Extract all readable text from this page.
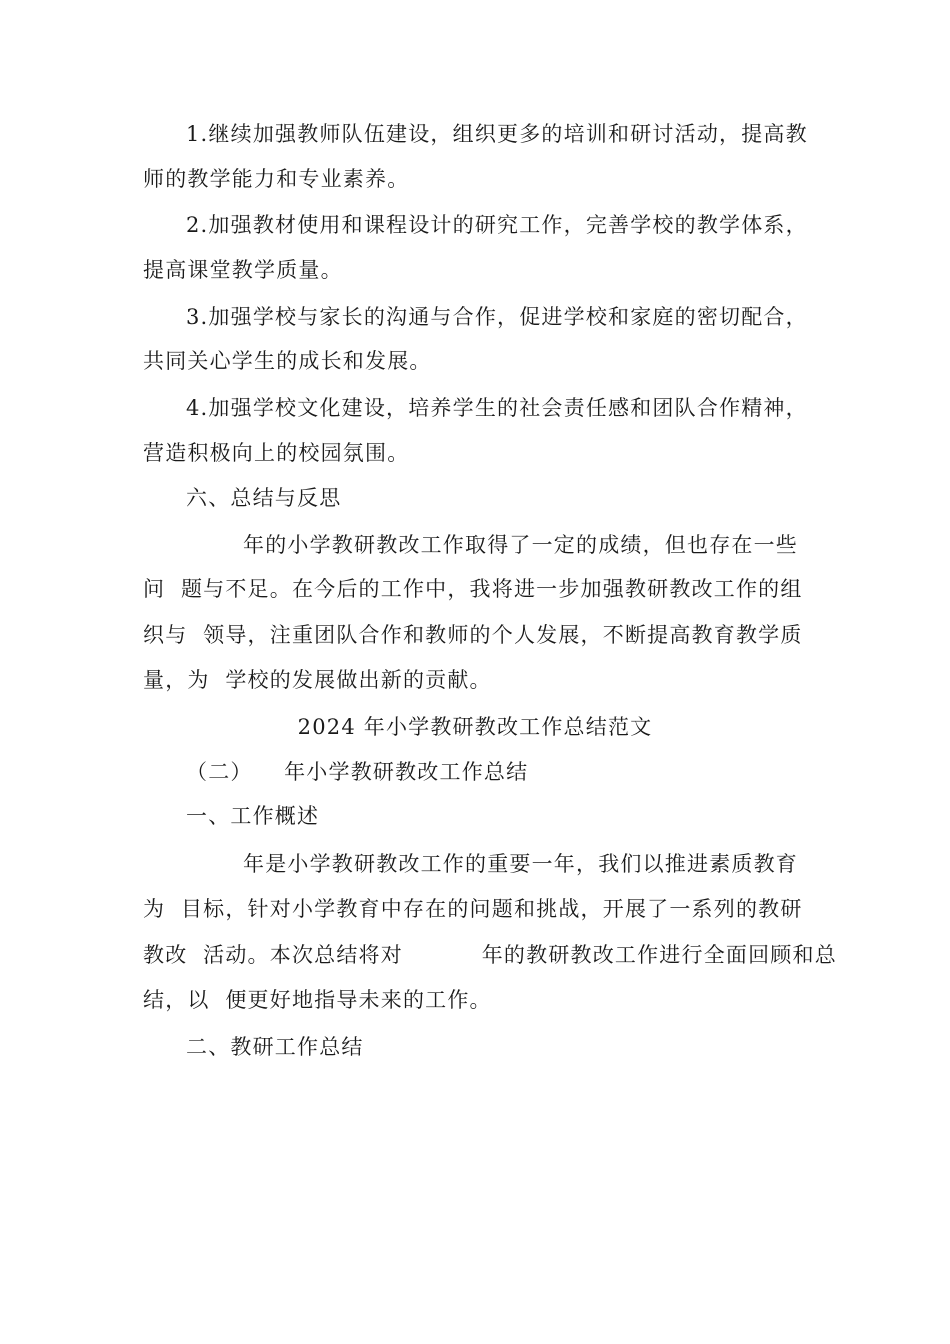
1.继续加强教师队伍建设，组织更多的培训和研讨活动，提高教
师的教学能力和专业素养。
2.加强教材使用和课程设计的研究工作，完善学校的教学体系，
提高课堂教学质量。
3.加强学校与家长的沟通与合作，促进学校和家庭的密切配合，
共同关心学生的成长和发展。
4.加强学校文化建设，培养学生的社会责任感和团队合作精神，
营造积极向上的校园氛围。
六、总结与反思
年的小学教研教改工作取得了一定的成绩，但也存在一些
问  题与不足。在今后的工作中，我将进一步加强教研教改工作的组
织与  领导，注重团队合作和教师的个人发展，不断提高教育教学质
量，为  学校的发展做出新的贡献。
2024 年小学教研教改工作总结范文
（二）    年小学教研教改工作总结
一、工作概述
年是小学教研教改工作的重要一年，我们以推进素质教育
为  目标，针对小学教育中存在的问题和挑战，开展了一系列的教研
教改  活动。本次总结将对          年的教研教改工作进行全面回顾和总
结，以  便更好地指导未来的工作。
二、教研工作总结
